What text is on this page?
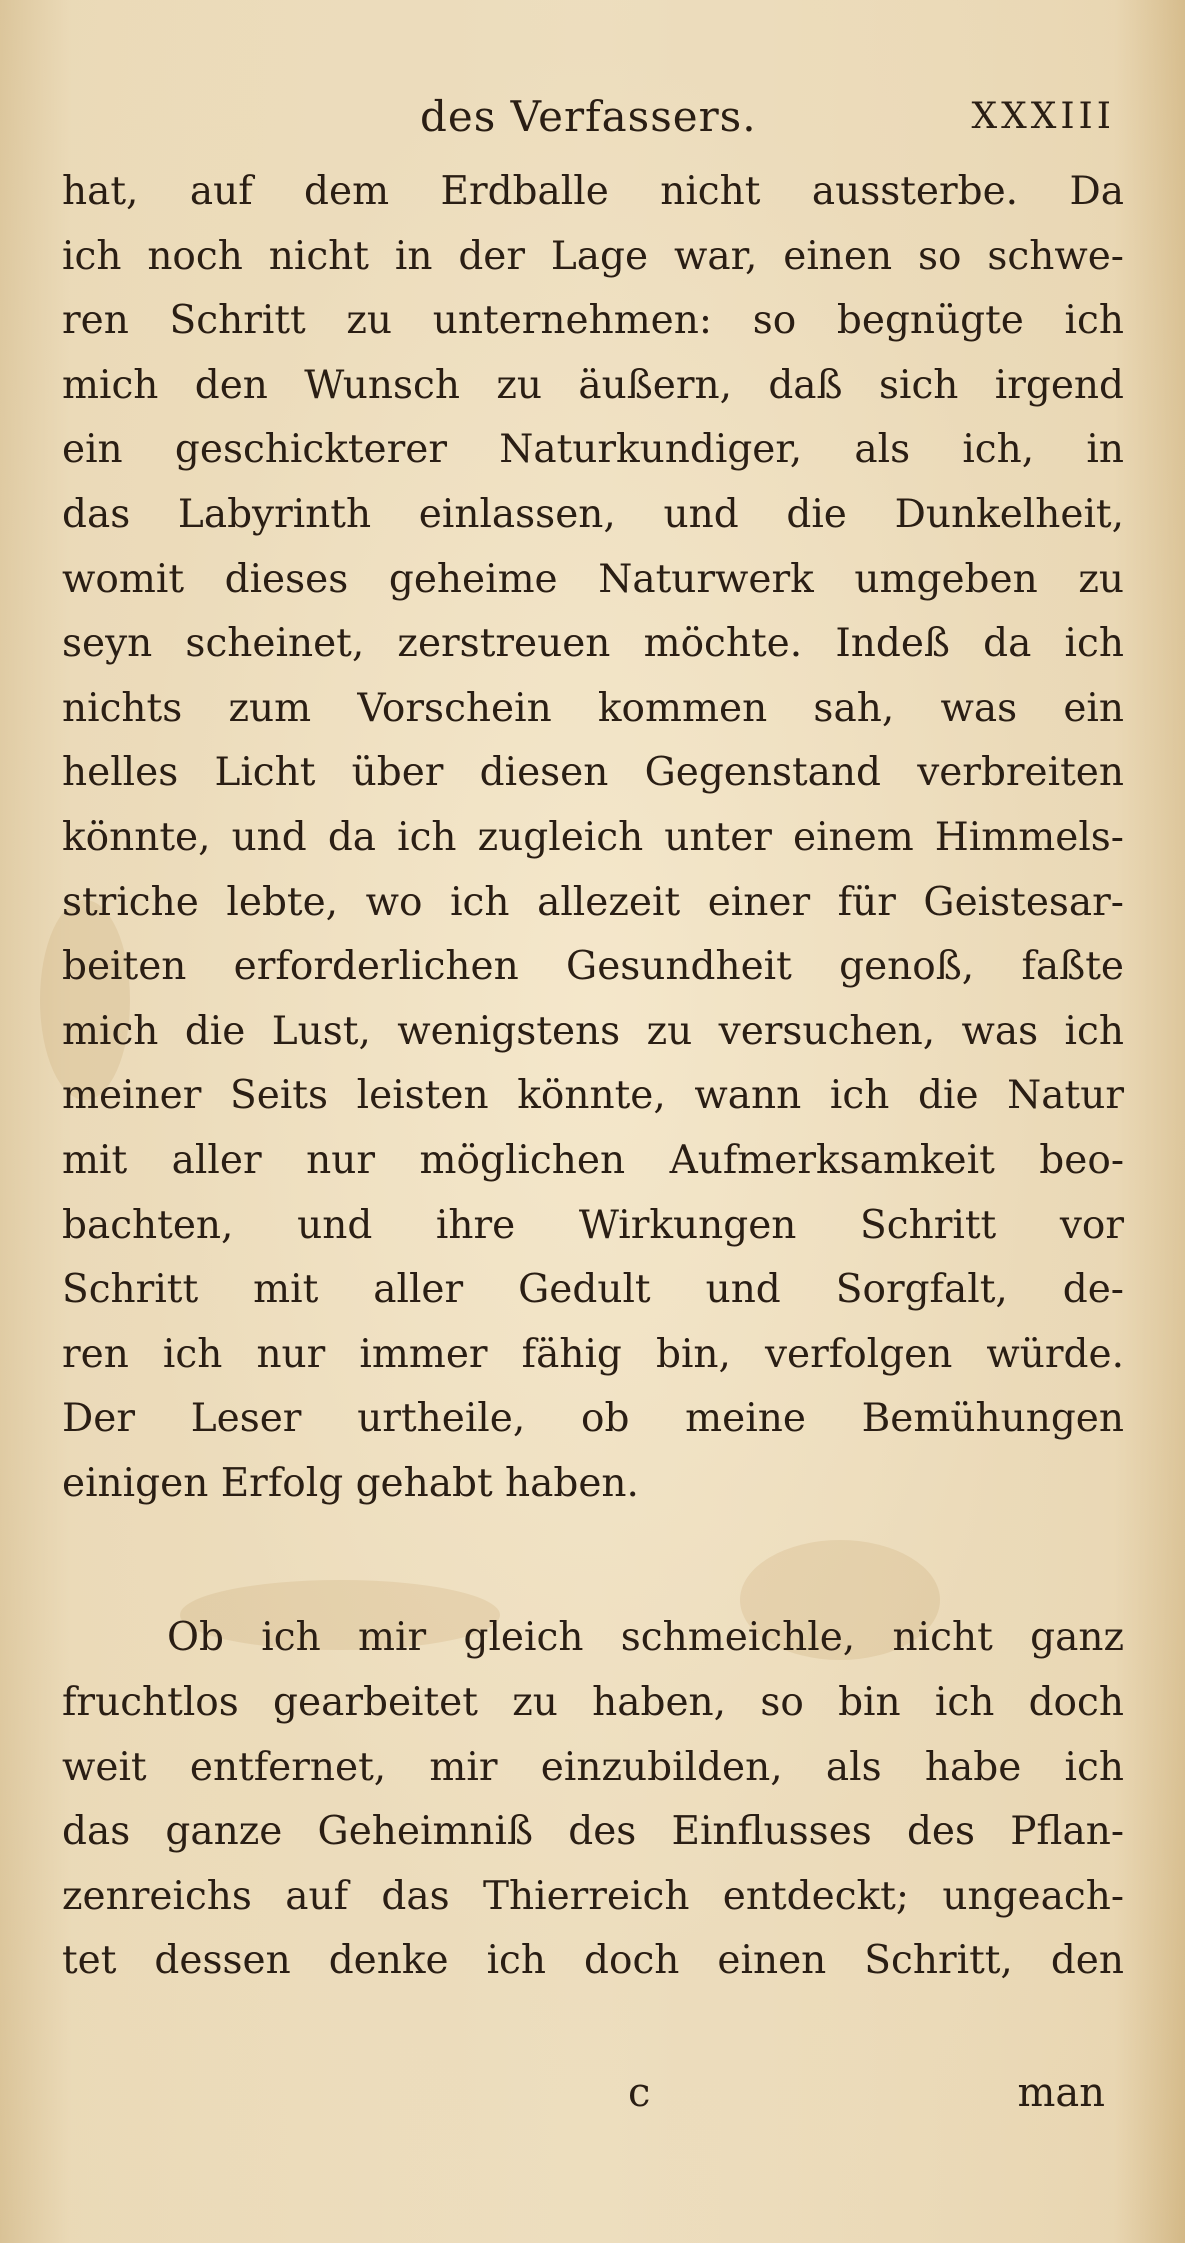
des Verfassers.	XXXIII

hat, auf dem Erdballe nicht aussterbe. Da
ich noch nicht in der Lage war, einen so schwe-
ren Schritt zu unternehmen: so begnügte ich
mich den Wunsch zu äußern, daß sich irgend
ein geschickterer Naturkundiger, als ich, in
das Labyrinth einlassen, und die Dunkelheit,
womit dieses geheime Naturwerk umgeben zu
seyn scheinet, zerstreuen möchte. Indeß da ich
nichts zum Vorschein kommen sah, was ein
helles Licht über diesen Gegenstand verbreiten
könnte, und da ich zugleich unter einem Himmels-
striche lebte, wo ich allezeit einer für Geistesar-
beiten erforderlichen Gesundheit genoß, faßte
mich die Lust, wenigstens zu versuchen, was ich
meiner Seits leisten könnte, wann ich die Natur
mit aller nur möglichen Aufmerksamkeit beo-
bachten, und ihre Wirkungen Schritt vor
Schritt mit aller Gedult und Sorgfalt, de-
ren ich nur immer fähig bin, verfolgen würde.
Der Leser urtheile, ob meine Bemühungen
einigen Erfolg gehabt haben.

Ob ich mir gleich schmeichle, nicht ganz
fruchtlos gearbeitet zu haben, so bin ich doch
weit entfernet, mir einzubilden, als habe ich
das ganze Geheimniß des Einflusses des Pflan-
zenreichs auf das Thierreich entdeckt; ungeach-
tet dessen denke ich doch einen Schritt, den

c	man
